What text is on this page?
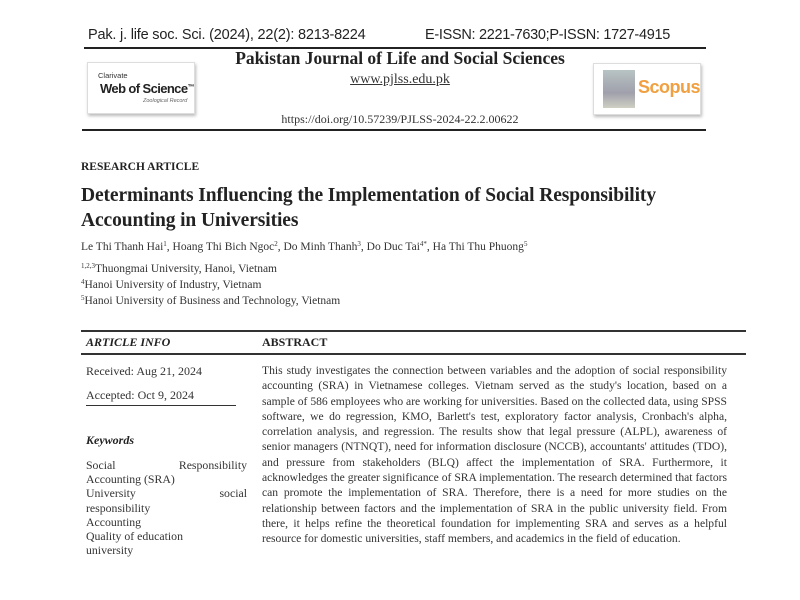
Pak. j. life soc. Sci. (2024), 22(2): 8213-8224	E-ISSN: 2221-7630;P-ISSN: 1727-4915
Clarivate
Web of Science™
Zoological Record
Pakistan Journal of Life and Social Sciences
www.pjlss.edu.pk
https://doi.org/10.57239/PJLSS-2024-22.2.00622
Scopus
RESEARCH ARTICLE
Determinants Influencing the Implementation of Social Responsibility
Accounting in Universities
Le Thi Thanh Hai$^1$, Hoang Thi Bich Ngoc$^2$, Do Minh Thanh$^3$, Do Duc Tai$^{4*}$, Ha Thi Thu Phuong$^5$
$^{1,2,3}$Thuongmai University, Hanoi, Vietnam
$^4$Hanoi University of Industry, Vietnam
$^5$Hanoi University of Business and Technology, Vietnam
ARTICLE INFO	ABSTRACT
Received: Aug 21, 2024
Accepted: Oct 9, 2024
Keywords
Social Responsibility
Accounting (SRA)
University social
responsibility
Accounting
Quality of education
university
This study investigates the connection between variables and the adoption of social responsibility accounting (SRA) in Vietnamese colleges. Vietnam served as the study's location, based on a sample of 586 employees who are working for universities. Based on the collected data, using SPSS software, we do regression, KMO, Barlett's test, exploratory factor analysis, Cronbach's alpha, correlation analysis, and regression. The results show that legal pressure (ALPL), awareness of senior managers (NTNQT), need for information disclosure (NCCB), accountants' attitudes (TDO), and pressure from stakeholders (BLQ) affect the implementation of SRA. Furthermore, it acknowledges the greater significance of SRA implementation. The research determined that factors can promote the implementation of SRA. Therefore, there is a need for more studies on the relationship between factors and the implementation of SRA in the public university field. From there, it helps refine the theoretical foundation for implementing SRA and serves as a helpful resource for domestic universities, staff members, and academics in the field of education.
